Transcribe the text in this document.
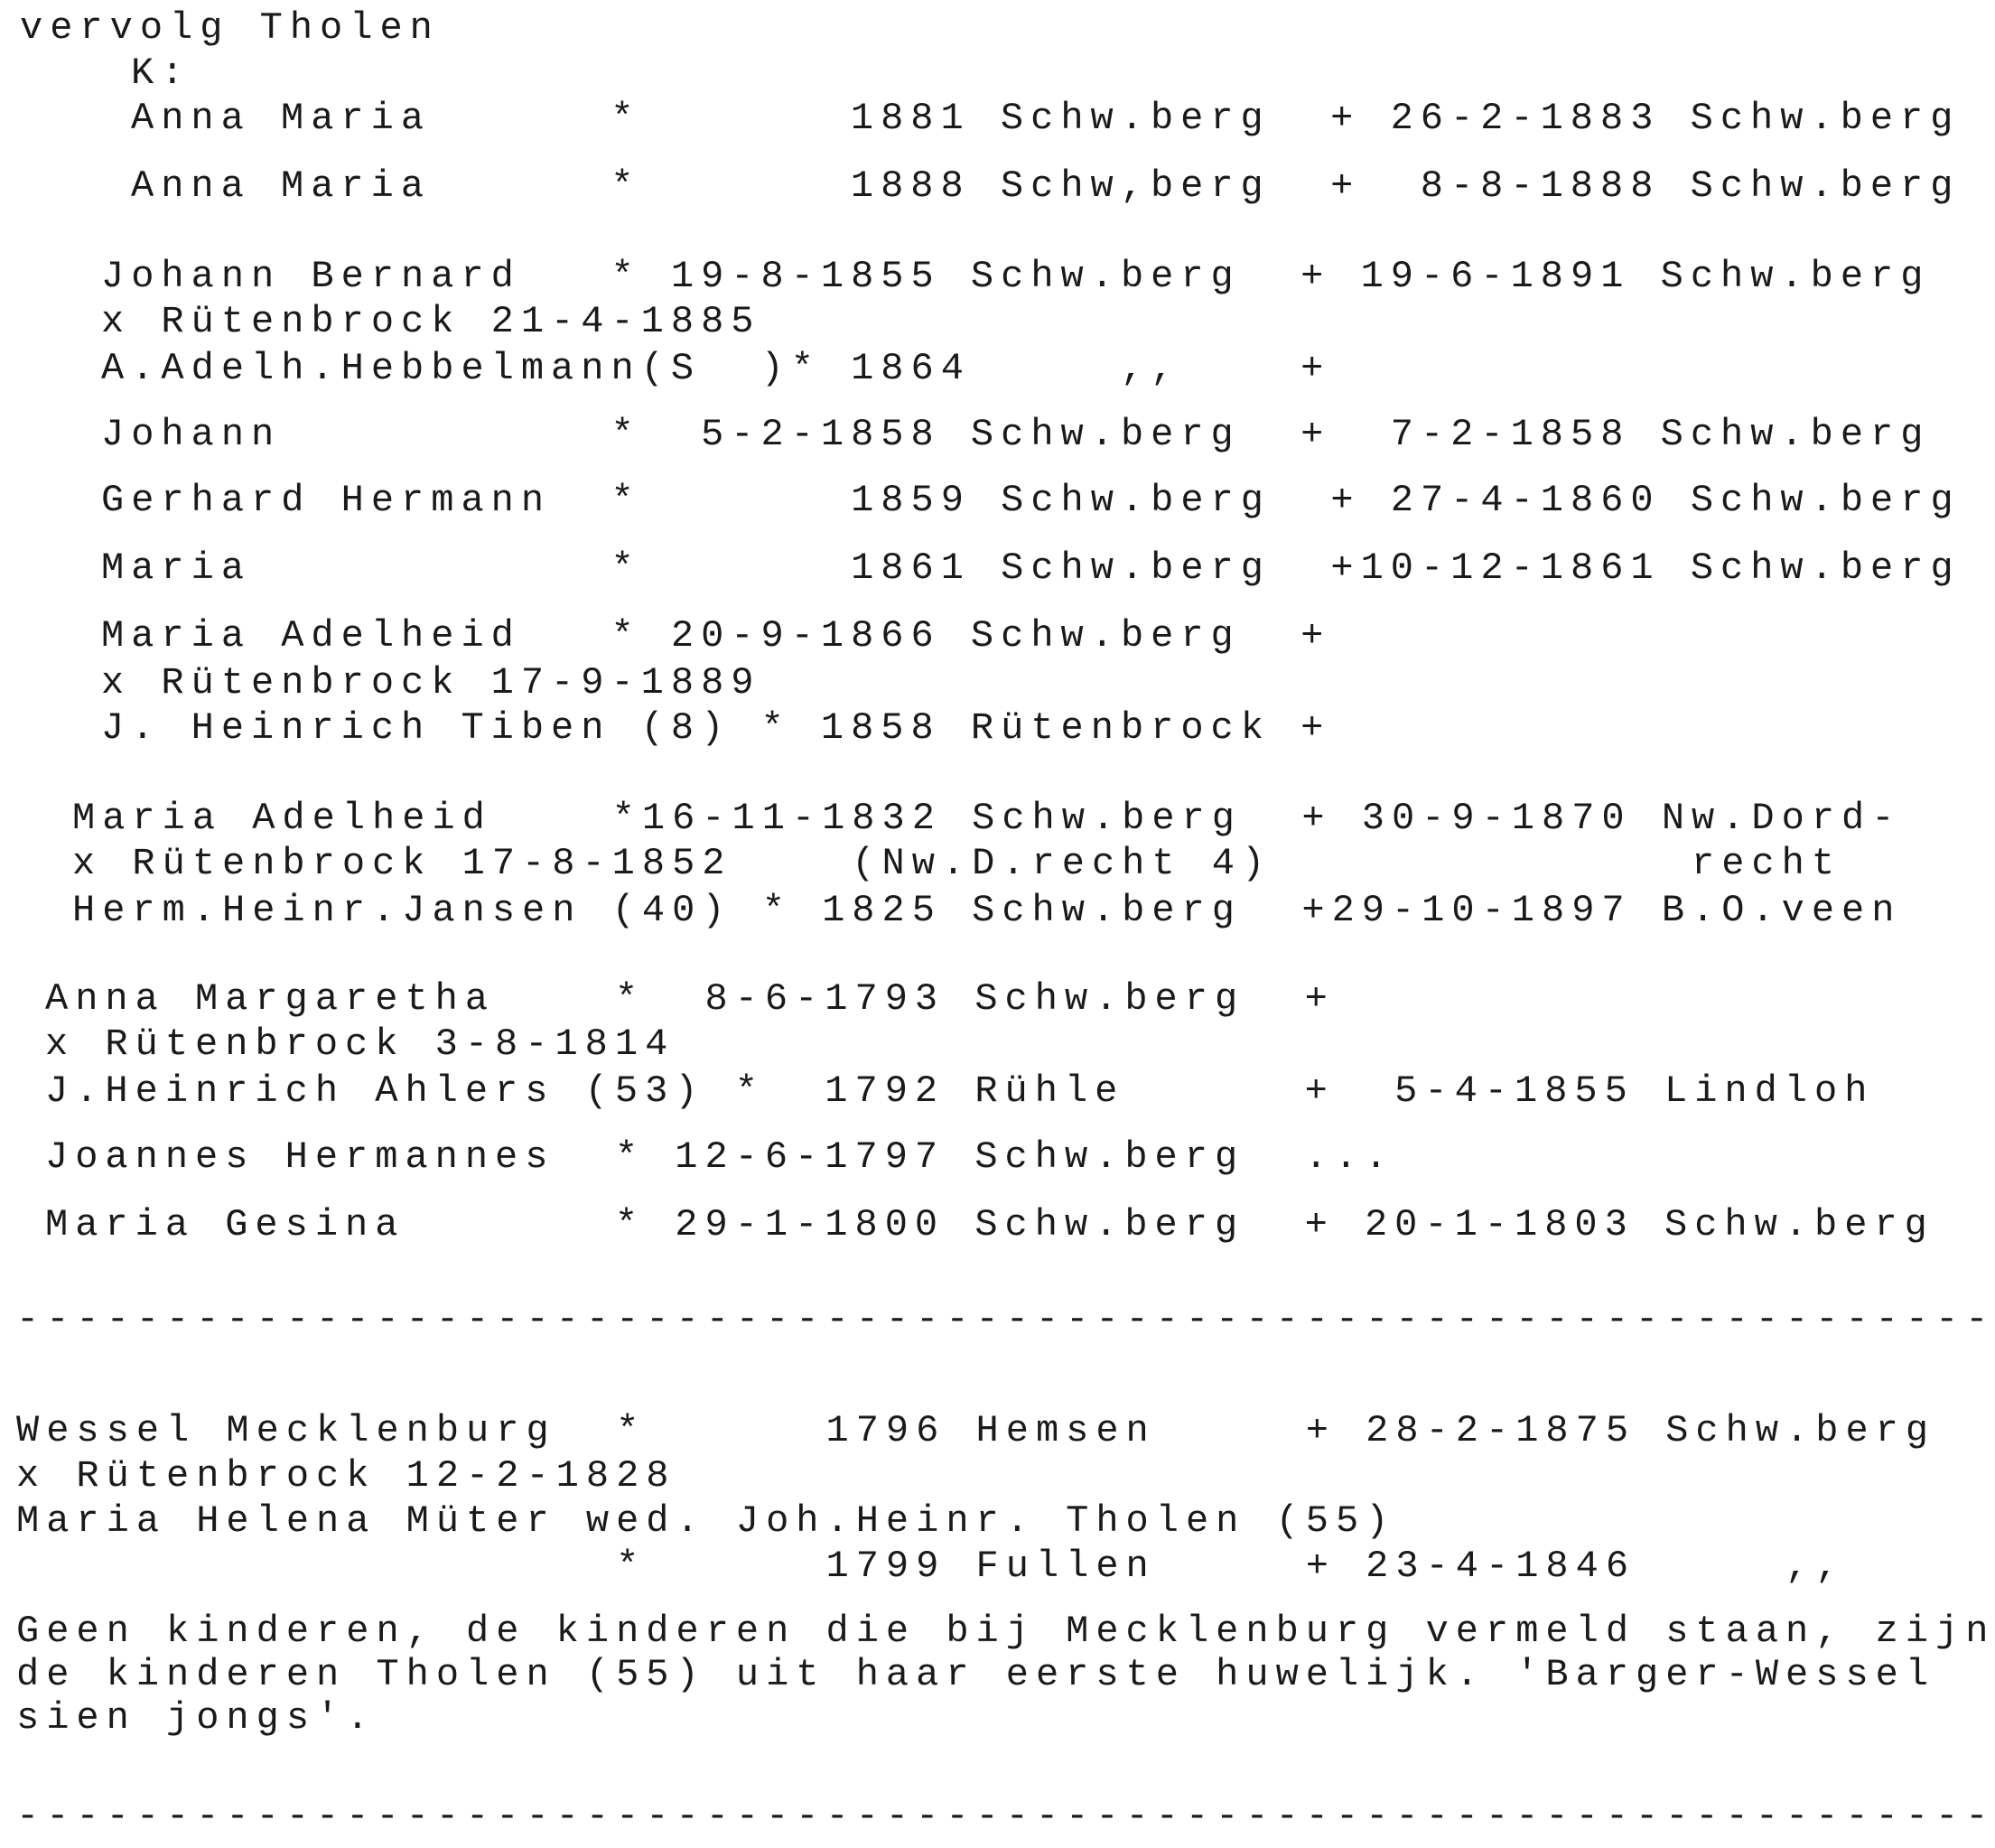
vervolg Tholen
K:
Anna Maria      *       1881 Schw.berg  + 26-2-1883 Schw.berg
Anna Maria      *       1888 Schw,berg  +  8-8-1888 Schw.berg
Johann Bernard   * 19-8-1855 Schw.berg  + 19-6-1891 Schw.berg
x Rütenbrock 21-4-1885
A.Adelh.Hebbelmann(S  )* 1864     ,,    +
Johann           *  5-2-1858 Schw.berg  +  7-2-1858 Schw.berg
Gerhard Hermann  *       1859 Schw.berg  + 27-4-1860 Schw.berg
Maria            *       1861 Schw.berg  +10-12-1861 Schw.berg
Maria Adelheid   * 20-9-1866 Schw.berg  +
x Rütenbrock 17-9-1889
J. Heinrich Tiben (8) * 1858 Rütenbrock +
Maria Adelheid    *16-11-1832 Schw.berg  + 30-9-1870 Nw.Dord-
x Rütenbrock 17-8-1852    (Nw.D.recht 4)              recht
Herm.Heinr.Jansen (40) * 1825 Schw.berg  +29-10-1897 B.O.veen
Anna Margaretha    *  8-6-1793 Schw.berg  +
x Rütenbrock 3-8-1814
J.Heinrich Ahlers (53) *  1792 Rühle      +  5-4-1855 Lindloh
Joannes Hermannes  * 12-6-1797 Schw.berg  ...
Maria Gesina       * 29-1-1800 Schw.berg  + 20-1-1803 Schw.berg
Wessel Mecklenburg  *      1796 Hemsen     + 28-2-1875 Schw.berg
x Rütenbrock 12-2-1828
Maria Helena Müter wed. Joh.Heinr. Tholen (55)
*      1799 Fullen     + 23-4-1846     ,,
Geen kinderen, de kinderen die bij Mecklenburg vermeld staan, zijn
de kinderen Tholen (55) uit haar eerste huwelijk. 'Barger-Wessel
sien jongs'.
------------------------------------------------------------------
------------------------------------------------------------------
